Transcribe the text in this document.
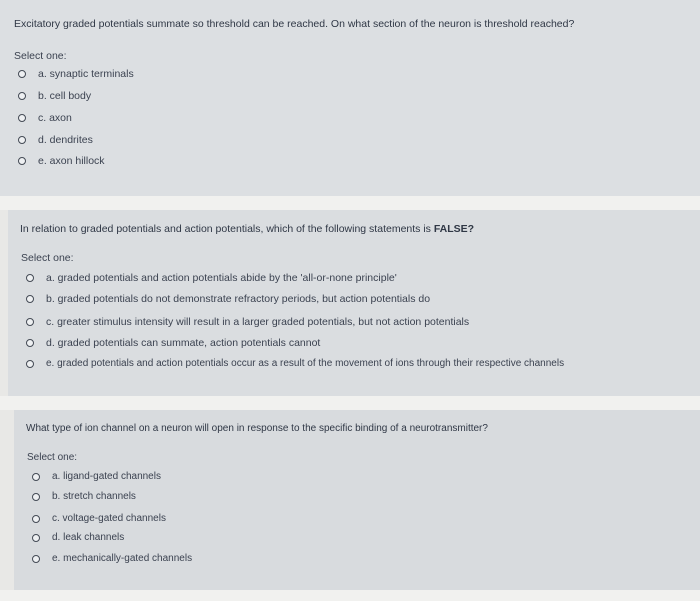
Excitatory graded potentials summate so threshold can be reached. On what section of the neuron is threshold reached?
Select one:
a. synaptic terminals
b. cell body
c. axon
d. dendrites
e. axon hillock
In relation to graded potentials and action potentials, which of the following statements is FALSE?
Select one:
a. graded potentials and action potentials abide by the 'all-or-none principle'
b. graded potentials do not demonstrate refractory periods, but action potentials do
c. greater stimulus intensity will result in a larger graded potentials, but not action potentials
d. graded potentials can summate, action potentials cannot
e. graded potentials and action potentials occur as a result of the movement of ions through their respective channels
What type of ion channel on a neuron will open in response to the specific binding of a neurotransmitter?
Select one:
a. ligand-gated channels
b. stretch channels
c. voltage-gated channels
d. leak channels
e. mechanically-gated channels
